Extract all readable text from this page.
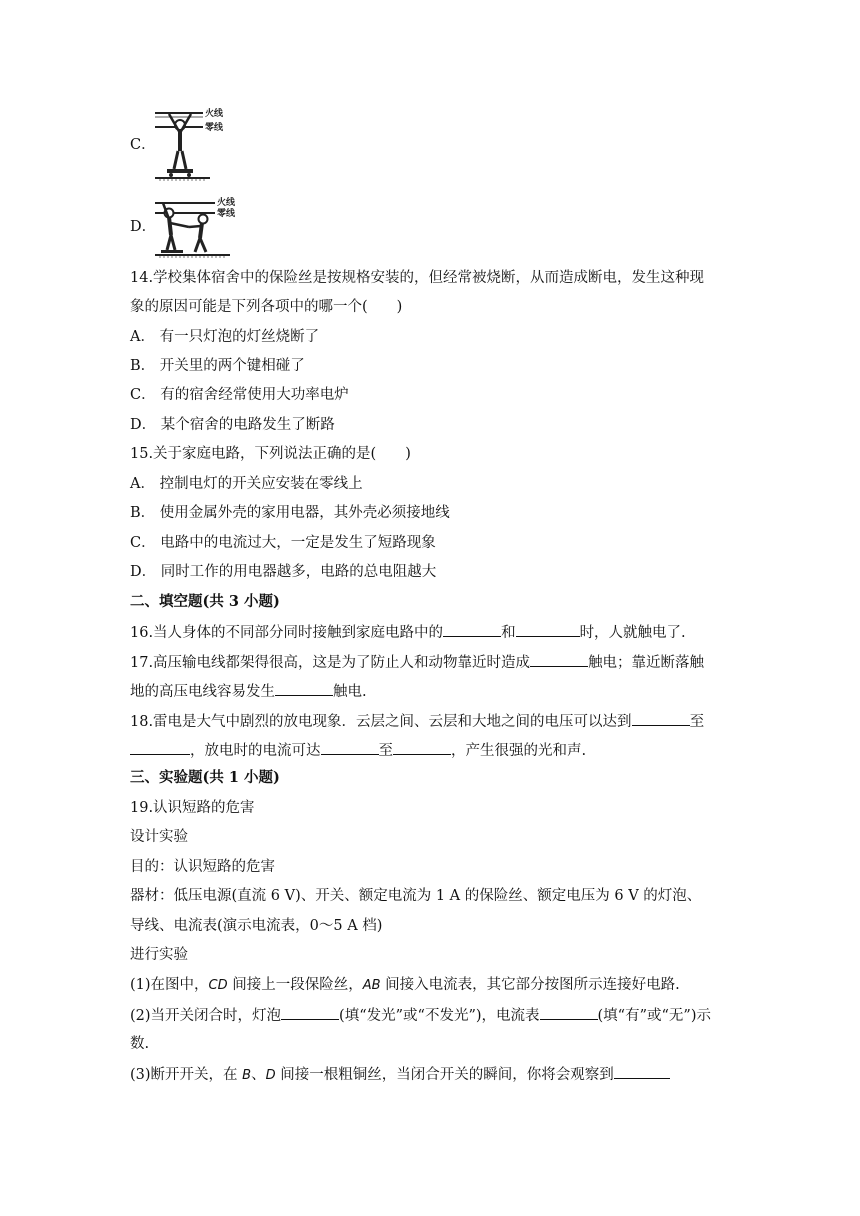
C．
火线
零线
D．
火线
零线
14.学校集体宿舍中的保险丝是按规格安装的，但经常被烧断，从而造成断电，发生这种现
象的原因可能是下列各项中的哪一个(　　)
A． 有一只灯泡的灯丝烧断了
B． 开关里的两个键相碰了
C． 有的宿舍经常使用大功率电炉
D． 某个宿舍的电路发生了断路
15.关于家庭电路，下列说法正确的是(　　)
A． 控制电灯的开关应安装在零线上
B． 使用金属外壳的家用电器，其外壳必须接地线
C． 电路中的电流过大，一定是发生了短路现象
D． 同时工作的用电器越多，电路的总电阻越大
二、填空题(共 3 小题)
16.当人身体的不同部分同时接触到家庭电路中的	和	时，人就触电了.
17.高压输电线都架得很高，这是为了防止人和动物靠近时造成	触电；靠近断落触
地的高压电线容易发生	触电.
18.雷电是大气中剧烈的放电现象．云层之间、云层和大地之间的电压可以达到	至
，放电时的电流可达	至	，产生很强的光和声.
三、实验题(共 1 小题)
19.认识短路的危害
设计实验
目的：认识短路的危害
器材：低压电源(直流 6 V)、开关、额定电流为 1 A 的保险丝、额定电压为 6 V 的灯泡、
导线、电流表(演示电流表，0～5 A 档)
进行实验
(1)在图中，CD 间接上一段保险丝，AB 间接入电流表，其它部分按图所示连接好电路.
(2)当开关闭合时，灯泡	(填“发光”或“不发光”)，电流表	(填“有”或“无”)示
数.
(3)断开开关，在 B、D 间接一根粗铜丝，当闭合开关的瞬间，你将会观察到
